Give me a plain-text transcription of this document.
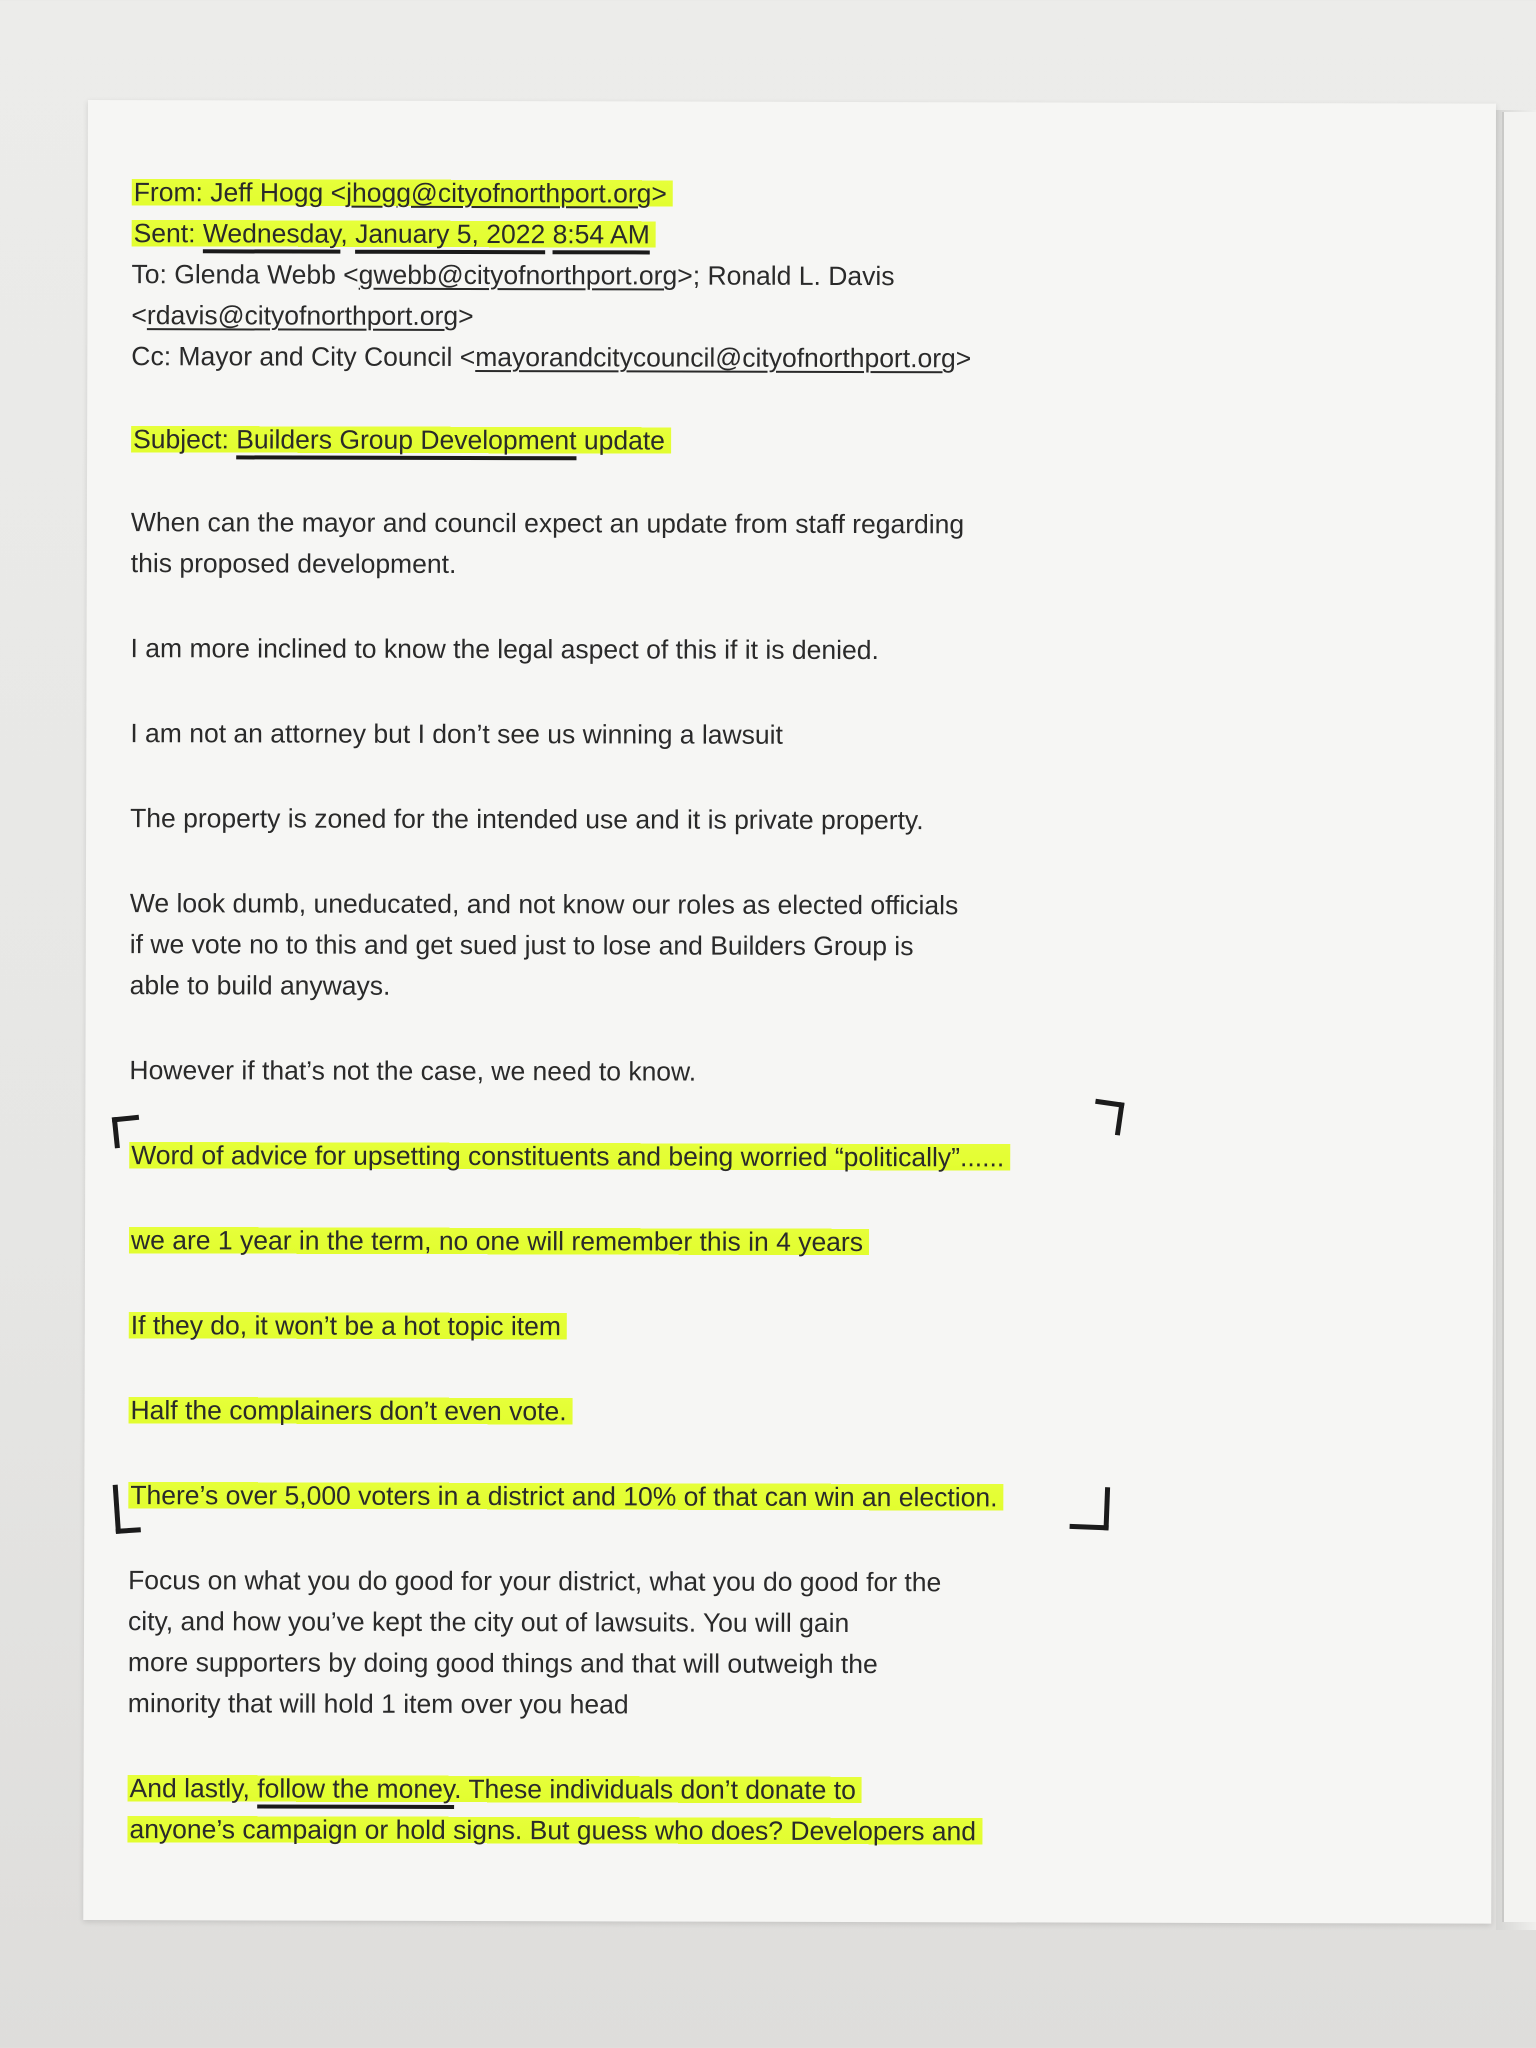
From: Jeff Hogg <jhogg@cityofnorthport.org>

Sent: Wednesday, January 5, 2022 8:54 AM

To: Glenda Webb <gwebb@cityofnorthport.org>; Ronald L. Davis

<rdavis@cityofnorthport.org>

Cc: Mayor and City Council <mayorandcitycouncil@cityofnorthport.org>

Subject: Builders Group Development update

When can the mayor and council expect an update from staff regarding

this proposed development.

I am more inclined to know the legal aspect of this if it is denied.

I am not an attorney but I don’t see us winning a lawsuit

The property is zoned for the intended use and it is private property.

We look dumb, uneducated, and not know our roles as elected officials

if we vote no to this and get sued just to lose and Builders Group is

able to build anyways.

However if that’s not the case, we need to know.

Word of advice for upsetting constituents and being worried “politically”......

we are 1 year in the term, no one will remember this in 4 years

If they do, it won’t be a hot topic item

Half the complainers don’t even vote.

There’s over 5,000 voters in a district and 10% of that can win an election.

Focus on what you do good for your district, what you do good for the

city, and how you’ve kept the city out of lawsuits. You will gain

more supporters by doing good things and that will outweigh the

minority that will hold 1 item over you head

And lastly, follow the money. These individuals don’t donate to

anyone’s campaign or hold signs. But guess who does? Developers and
